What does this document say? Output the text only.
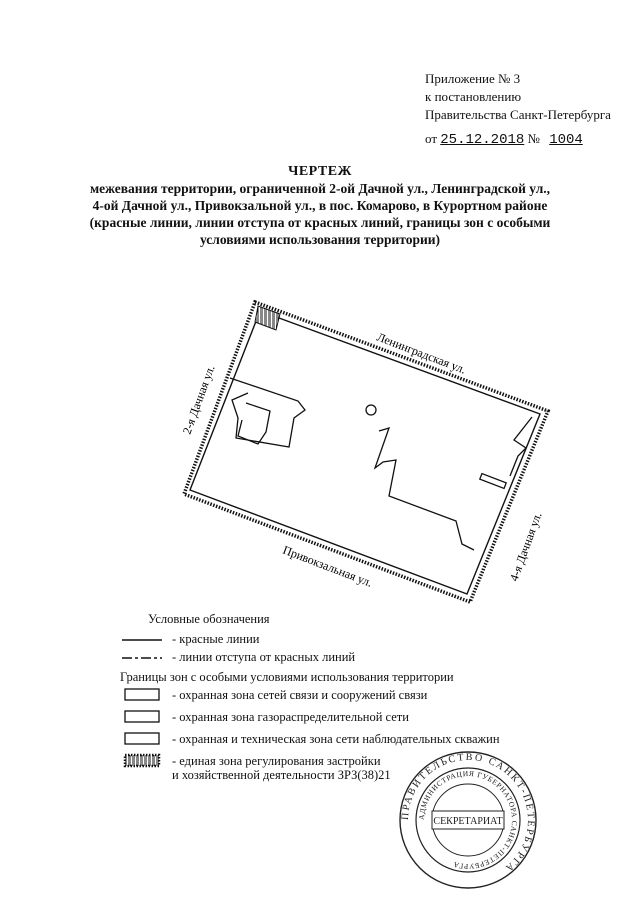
Приложение № 3
к постановлению
Правительства Санкт-Петербурга
от 25.12.2018 № 1004
ЧЕРТЕЖ
межевания территории, ограниченной 2-ой Дачной ул., Ленинградской ул.,
4-ой Дачной ул., Привокзальной ул., в пос. Комарово, в Курортном районе
(красные линии, линии отступа от красных линий, границы зон с особыми
условиями использования территории)
Ленинградская ул.
2-я Дачная ул.
4-я Дачная ул.
Привокзальная ул.
Условные обозначения
- красные линии
- линии отступа от красных линий
Границы зон с особыми условиями использования территории
- охранная зона сетей связи и сооружений связи
- охранная зона газораспределительной сети
- охранная и техническая зона сети наблюдательных скважин
- единая зона регулирования застройки
и хозяйственной деятельности ЗРЗ(38)21
ПРАВИТЕЛЬСТВО САНКТ-ПЕТЕРБУРГА
АДМИНИСТРАЦИЯ ГУБЕРНАТОРА САНКТ-ПЕТЕРБУРГА
СЕКРЕТАРИАТ
